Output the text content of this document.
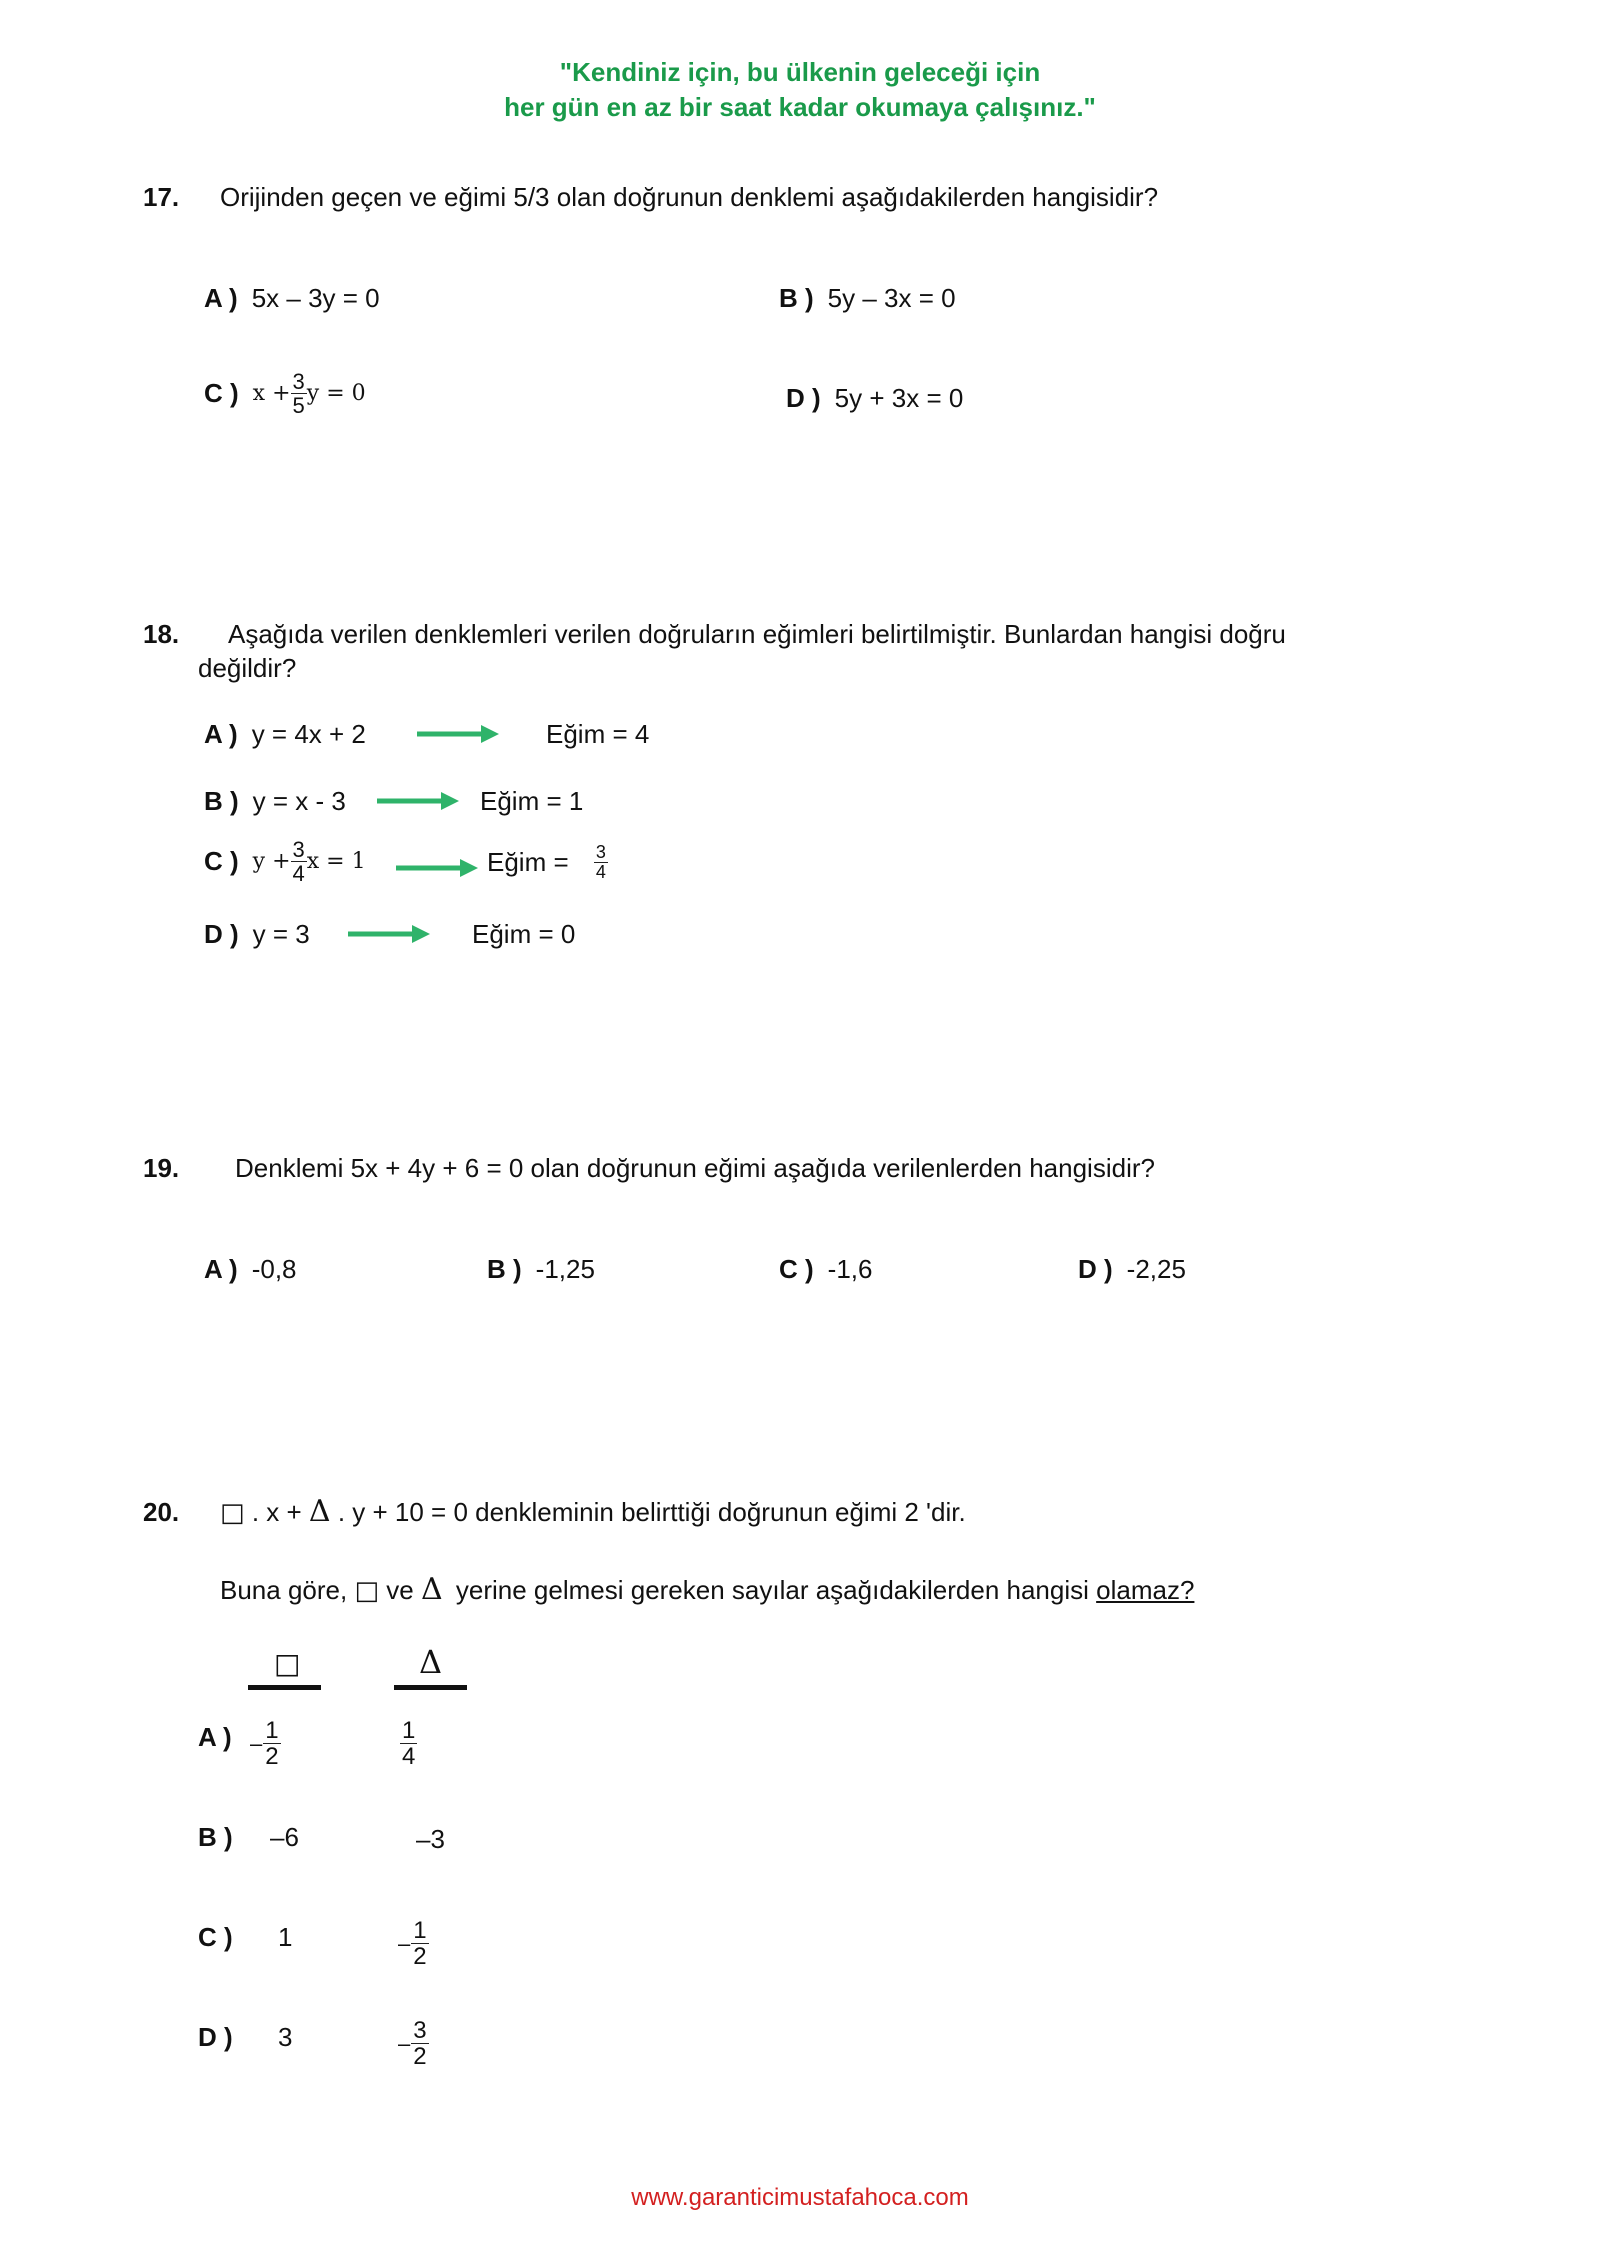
"Kendiniz için, bu ülkenin geleceği için
her gün en az bir saat kadar okumaya çalışınız."
17. Orijinden geçen ve eğimi 5/3 olan doğrunun denklemi aşağıdakilerden hangisidir?
A ) 5x – 3y = 0	B ) 5y – 3x = 0
C ) $x + \frac{3}{5}$ y = 0	D ) 5y + 3x = 0
18. Aşağıda verilen denklemleri verilen doğruların eğimleri belirtilmiştir. Bunlardan hangisi doğru
değildir?
A ) y = 4x + 2	Eğim = 4
B ) y = x - 3	Eğim = 1
C ) $y + \frac{3}{4}$ x = 1	Eğim = $\frac{3}{4}$
D ) y = 3	Eğim = 0
19. Denklemi 5x + 4y + 6 = 0 olan doğrunun eğimi aşağıda verilenlerden hangisidir?
A ) -0,8	B ) -1,25	C ) -1,6	D ) -2,25
20. □ . x + Δ . y + 10 = 0 denkleminin belirttiği doğrunun eğimi 2 'dir.
Buna göre, □ ve Δ yerine gelmesi gereken sayılar aşağıdakilerden hangisi olamaz?
□	Δ
A ) – $\frac{1}{2}$	$\frac{1}{4}$
B ) –6	–3
C ) 1	– $\frac{1}{2}$
D ) 3	– $\frac{3}{2}$
www.garanticimustafahoca.com
